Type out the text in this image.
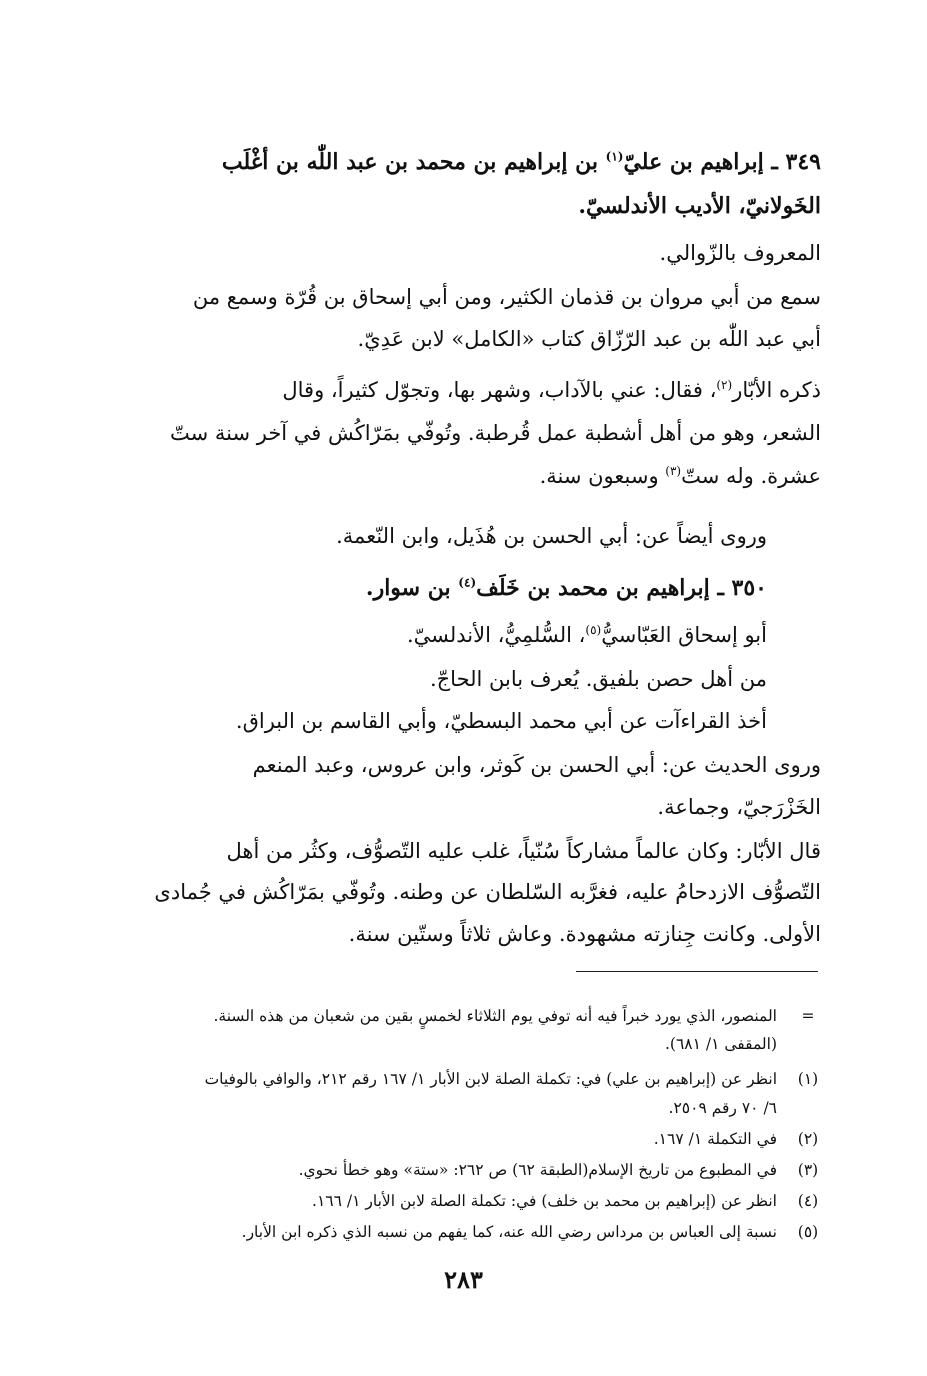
٣٤٩ ـ إبراهيم بن عليّ$^{(١)}$ بن إبراهيم بن محمد بن عبد اللّٰه بن أغْلَب
الخَولانيّ، الأديب الأندلسيّ.
المعروف بالزّوالي.
سمع من أبي مروان بن قذمان الكثير، ومن أبي إسحاق بن قُرّة وسمع من
أبي عبد اللّٰه بن عبد الرّزّاق كتاب «الكامل» لابن عَدِيّ.
ذكره الأبّار$^{(٢)}$، فقال: عني بالآداب، وشهر بها، وتجوّل كثيراً، وقال
الشعر، وهو من أهل أشطبة عمل قُرطبة. وتُوفّي بمَرّاكُش في آخر سنة ستّ
عشرة. وله ستّ$^{(٣)}$ وسبعون سنة.
وروى أيضاً عن: أبي الحسن بن هُذَيل، وابن النّعمة.
٣٥٠ ـ إبراهيم بن محمد بن خَلَف$^{(٤)}$ بن سوار.
أبو إسحاق العَبّاسيُّ$^{(٥)}$، السُّلمِيُّ، الأندلسيّ.
من أهل حصن بلفيق. يُعرف بابن الحاجّ.
أخذ القراءآت عن أبي محمد البسطيّ، وأبي القاسم بن البراق.
وروى الحديث عن: أبي الحسن بن كَوثر، وابن عروس، وعبد المنعم
الخَزْرَجيّ، وجماعة.
قال الأبّار: وكان عالماً مشاركاً سُنّياً، غلب عليه التّصوُّف، وكثُر من أهل
التّصوُّف الازدحامُ عليه، فغرَّبه السّلطان عن وطنه. وتُوفّي بمَرّاكُش في جُمادى
الأولى. وكانت جِنازته مشهودة. وعاش ثلاثاً وستّين سنة.
=
المنصور، الذي يورد خبراً فيه أنه توفي يوم الثلاثاء لخمسٍ بقين من شعبان من هذه السنة.
(المقفى ١/ ٦٨١).
(١)
انظر عن (إبراهيم بن علي) في: تكملة الصلة لابن الأبار ١/ ١٦٧ رقم ٢١٢، والوافي بالوفيات
٦/ ٧٠ رقم ٢٥٠٩.
(٢)
في التكملة ١/ ١٦٧.
(٣)
في المطبوع من تاريخ الإسلام(الطبقة ٦٢) ص ٢٦٢: «ستة» وهو خطأ نحوي.
(٤)
انظر عن (إبراهيم بن محمد بن خلف) في: تكملة الصلة لابن الأبار ١/ ١٦٦.
(٥)
نسبة إلى العباس بن مرداس رضي الله عنه، كما يفهم من نسبه الذي ذكره ابن الأبار.
٢٨٣
